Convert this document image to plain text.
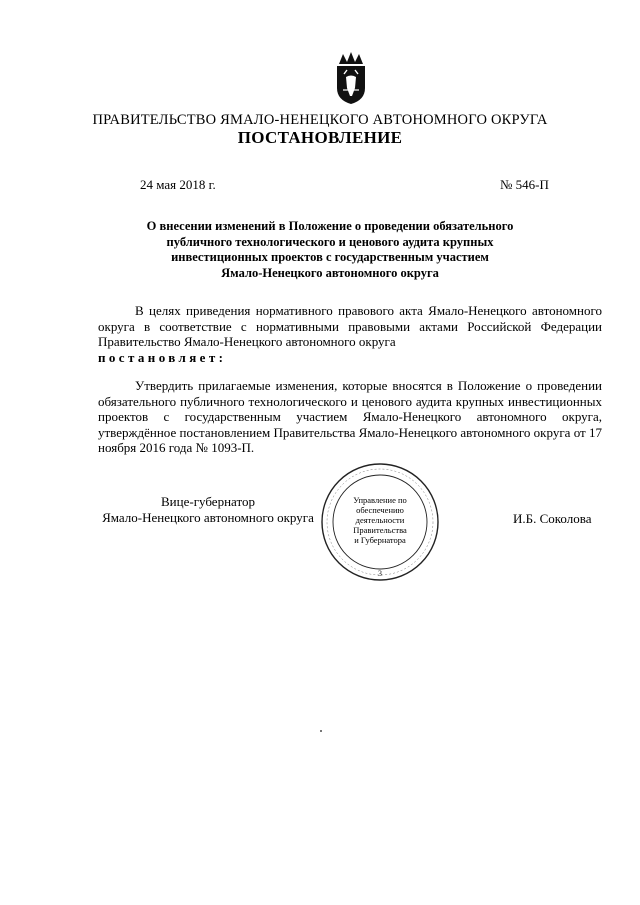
ПРАВИТЕЛЬСТВО ЯМАЛО-НЕНЕЦКОГО АВТОНОМНОГО ОКРУГА
ПОСТАНОВЛЕНИЕ
24 мая 2018 г.	№ 546-П
О внесении изменений в Положение о проведении обязательного
публичного технологического и ценового аудита крупных
инвестиционных проектов с государственным участием
Ямало-Ненецкого автономного округа
В целях приведения нормативного правового акта Ямало-Ненецкого автономного округа в соответствие с нормативными правовыми актами Российской Федерации Правительство Ямало-Ненецкого автономного округа
постановляет:
Утвердить прилагаемые изменения, которые вносятся в Положение о проведении обязательного публичного технологического и ценового аудита крупных инвестиционных проектов с государственным участием Ямало-Ненецкого автономного округа, утверждённое постановлением Правительства Ямало-Ненецкого автономного округа от 17 ноября 2016 года № 1093-П.
Вице-губернатор
Ямало-Ненецкого автономного округа
3
Управление по
обеспечению
деятельности
Правительства
и Губернатора
И.Б. Соколова
